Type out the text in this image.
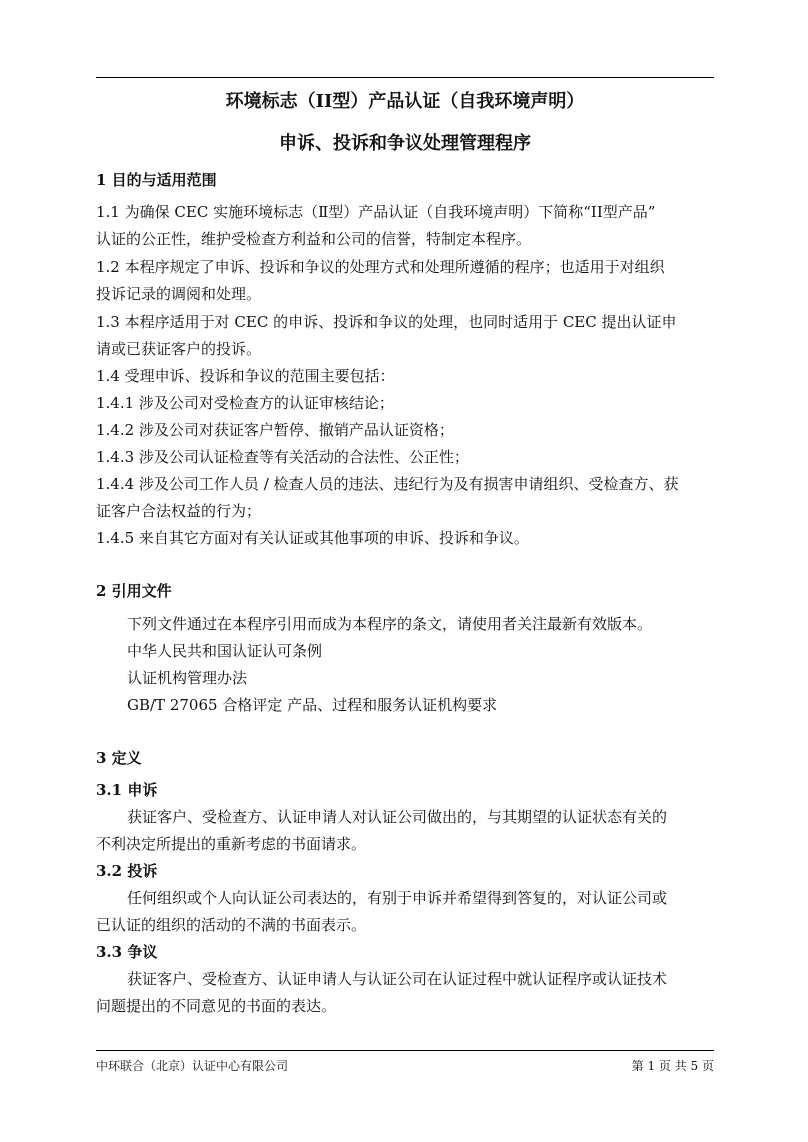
环境标志（II型）产品认证（自我环境声明）

申诉、投诉和争议处理管理程序

1 目的与适用范围

1.1 为确保 CEC 实施环境标志（Ⅱ型）产品认证（自我环境声明）下简称“II型产品”

认证的公正性，维护受检查方利益和公司的信誉，特制定本程序。

1.2 本程序规定了申诉、投诉和争议的处理方式和处理所遵循的程序；也适用于对组织

投诉记录的调阅和处理。

1.3 本程序适用于对 CEC 的申诉、投诉和争议的处理，也同时适用于 CEC 提出认证申

请或已获证客户的投诉。

1.4 受理申诉、投诉和争议的范围主要包括：

1.4.1 涉及公司对受检查方的认证审核结论；

1.4.2 涉及公司对获证客户暂停、撤销产品认证资格；

1.4.3 涉及公司认证检查等有关活动的合法性、公正性；

1.4.4 涉及公司工作人员 / 检查人员的违法、违纪行为及有损害申请组织、受检查方、获

证客户合法权益的行为；

1.4.5 来自其它方面对有关认证或其他事项的申诉、投诉和争议。

2 引用文件

下列文件通过在本程序引用而成为本程序的条文，请使用者关注最新有效版本。

中华人民共和国认证认可条例

认证机构管理办法

GB/T 27065 合格评定 产品、过程和服务认证机构要求

3 定义

3.1 申诉

获证客户、受检查方、认证申请人对认证公司做出的，与其期望的认证状态有关的

不利决定所提出的重新考虑的书面请求。

3.2 投诉

任何组织或个人向认证公司表达的，有别于申诉并希望得到答复的，对认证公司或

已认证的组织的活动的不满的书面表示。

3.3 争议

获证客户、受检查方、认证申请人与认证公司在认证过程中就认证程序或认证技术

问题提出的不同意见的书面的表达。

中环联合（北京）认证中心有限公司	第 1 页 共 5 页
